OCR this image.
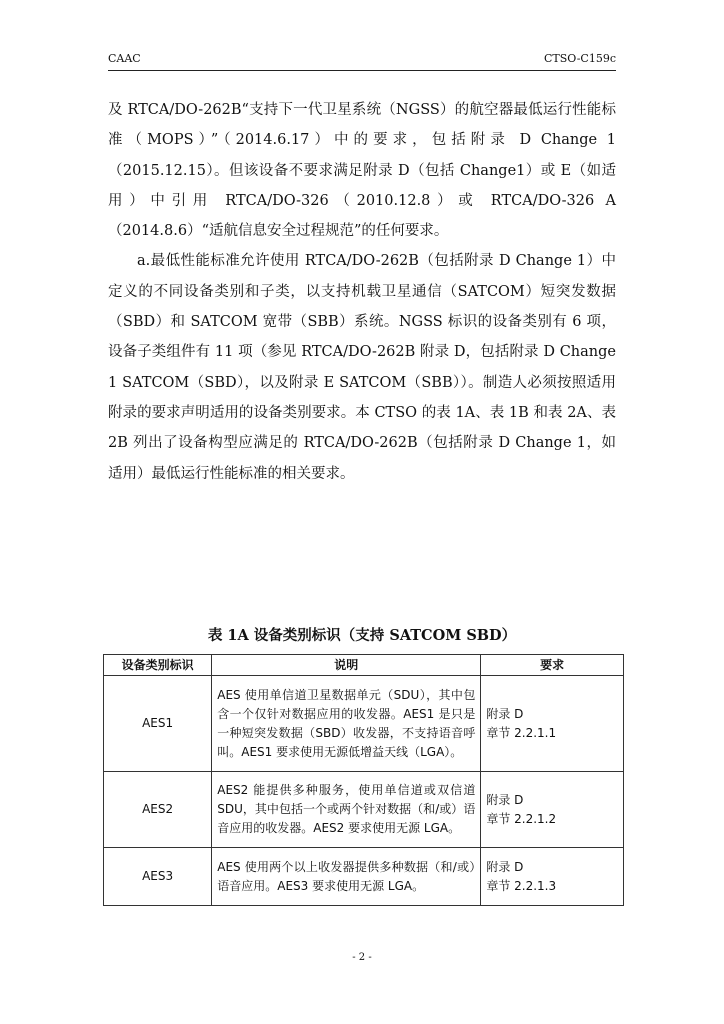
CAAC	CTSO-C159c

及 RTCA/DO-262B“支持下一代卫星系统（NGSS）的航空器最低运行性能标准（MOPS）”（2014.6.17）中的要求，包括附录 D Change 1（2015.12.15）。但该设备不要求满足附录 D（包括 Change1）或 E（如适用）中引用 RTCA/DO-326（2010.12.8）或 RTCA/DO-326 A（2014.8.6）“适航信息安全过程规范”的任何要求。

a.最低性能标准允许使用 RTCA/DO-262B（包括附录 D Change 1）中定义的不同设备类别和子类，以支持机载卫星通信（SATCOM）短突发数据（SBD）和 SATCOM 宽带（SBB）系统。NGSS 标识的设备类别有 6 项，设备子类组件有 11 项（参见 RTCA/DO-262B 附录 D，包括附录 D Change 1 SATCOM（SBD），以及附录 E SATCOM（SBB））。制造人必须按照适用附录的要求声明适用的设备类别要求。本 CTSO 的表 1A、表 1B 和表 2A、表 2B 列出了设备构型应满足的 RTCA/DO-262B（包括附录 D Change 1，如适用）最低运行性能标准的相关要求。

表 1A 设备类别标识（支持 SATCOM SBD）
设备类别标识	说明	要求
AES1	AES 使用单信道卫星数据单元（SDU），其中包含一个仅针对数据应用的收发器。AES1 是只是一种短突发数据（SBD）收发器，不支持语音呼叫。AES1 要求使用无源低增益天线（LGA）。	附录 D
章节 2.2.1.1

AES2	AES2 能提供多种服务，使用单信道或双信道 SDU，其中包括一个或两个针对数据（和/或）语音应用的收发器。AES2 要求使用无源 LGA。	附录 D
章节 2.2.1.2

AES3	AES 使用两个以上收发器提供多种数据（和/或）语音应用。AES3 要求使用无源 LGA。	附录 D
章节 2.2.1.3
- 2 -
